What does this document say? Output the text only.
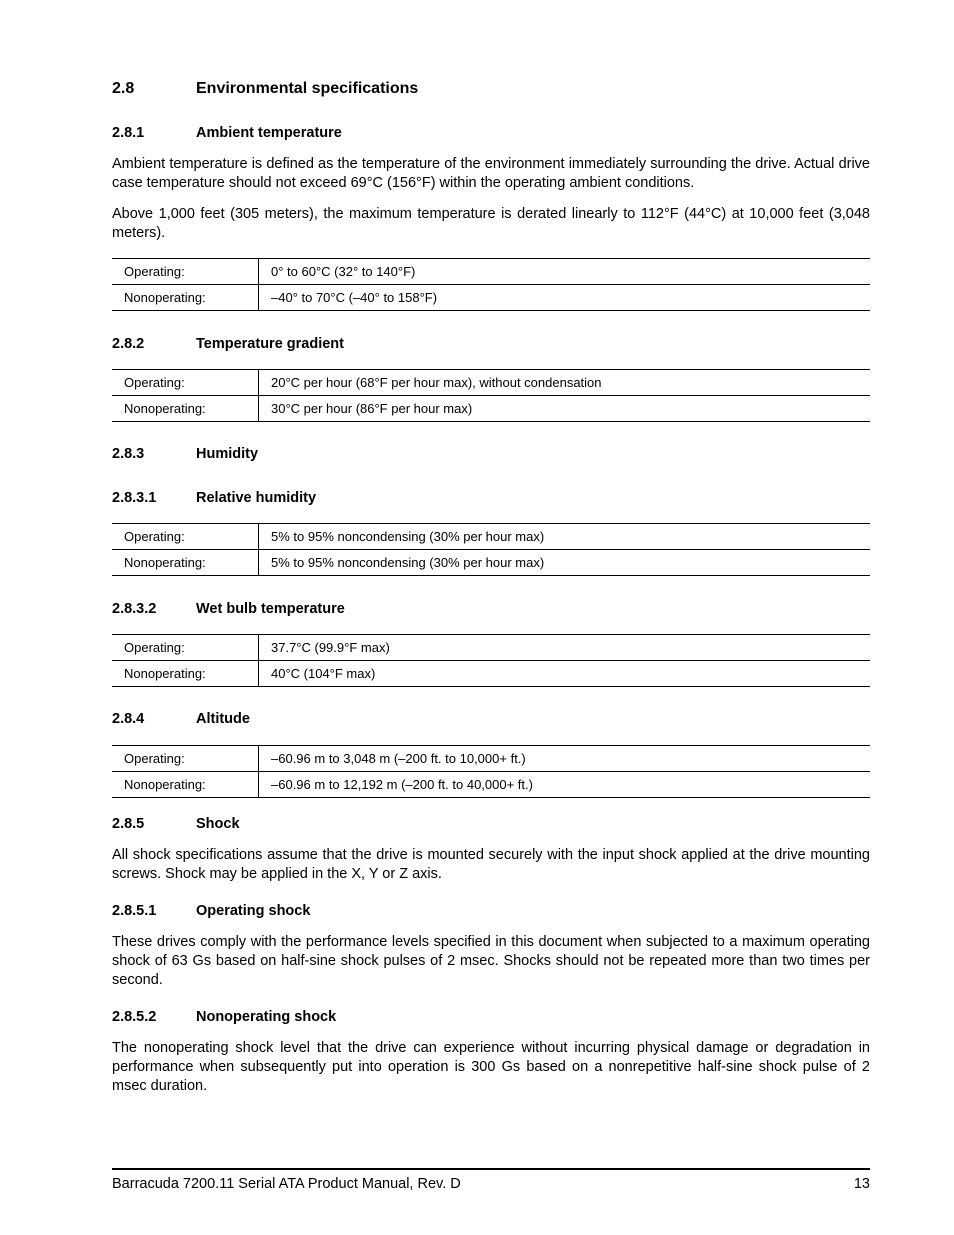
2.8	Environmental specifications
2.8.1	Ambient temperature

Ambient temperature is defined as the temperature of the environment immediately surrounding the drive. Actual drive case temperature should not exceed 69°C (156°F) within the operating ambient conditions.

Above 1,000 feet (305 meters), the maximum temperature is derated linearly to 112°F (44°C) at 10,000 feet (3,048 meters).

Operating:	0° to 60°C (32° to 140°F)
Nonoperating:	–40° to 70°C (–40° to 158°F)
2.8.2	Temperature gradient
Operating:	20°C per hour (68°F per hour max), without condensation
Nonoperating:	30°C per hour (86°F per hour max)
2.8.3	Humidity
2.8.3.1	Relative humidity
Operating:	5% to 95% noncondensing (30% per hour max)
Nonoperating:	5% to 95% noncondensing (30% per hour max)
2.8.3.2	Wet bulb temperature
Operating:	37.7°C (99.9°F max)
Nonoperating:	40°C (104°F max)
2.8.4	Altitude
Operating:	–60.96 m to 3,048 m (–200 ft. to 10,000+ ft.)
Nonoperating:	–60.96 m to 12,192 m (–200 ft. to 40,000+ ft.)
2.8.5	Shock

All shock specifications assume that the drive is mounted securely with the input shock applied at the drive mounting screws. Shock may be applied in the X, Y or Z axis.

2.8.5.1	Operating shock

These drives comply with the performance levels specified in this document when subjected to a maximum operating shock of 63 Gs based on half-sine shock pulses of 2 msec. Shocks should not be repeated more than two times per second.

2.8.5.2	Nonoperating shock

The nonoperating shock level that the drive can experience without incurring physical damage or degradation in performance when subsequently put into operation is 300 Gs based on a nonrepetitive half-sine shock pulse of 2 msec duration.

Barracuda 7200.11 Serial ATA Product Manual, Rev. D	13
